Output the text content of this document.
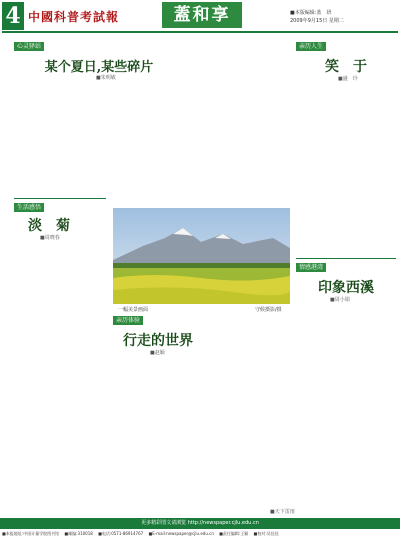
4 中國科普考試報	蓋和享	■本版编辑:蓝　妍
2009年9月15日 星期二
心灵驿站
某个夏日,某些碎片
■朱明敏

生活感悟
淡　菊
■周晓春

一幅美景画面	守候摄影/摄
亲历体验
行走的世界
■赵颖

■天下雷雨
亲历人生
笑　于
■盛　玲

情感港湾
印象西溪
■周小娟

更多精彩图文请浏览 http://newspaper.cjlu.edu.cn
■本报地址:中国计量学院图书馆 　■邮编:310018 　■电话:0571-86914767 　■E-mail:newspaper@cjlu.edu.cn 　■责任编辑:王颖 　■校对:吴佳佳
